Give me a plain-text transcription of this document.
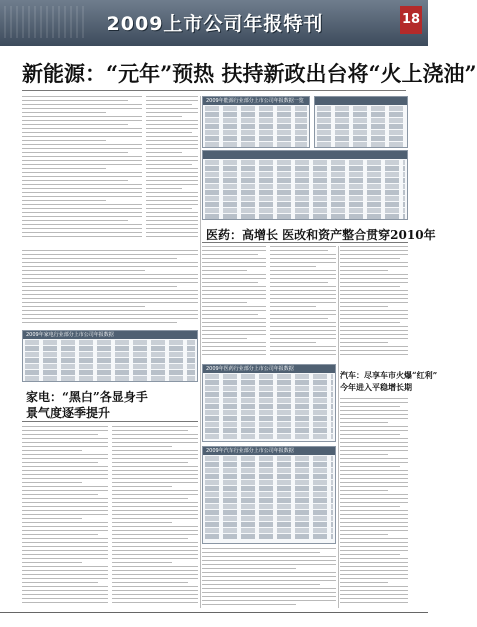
2009上市公司年报特刊	18
新能源：“元年”预热 扶持新政出台将“火上浇油”
2009年能源行业部分上市公司年报数据一览
医药：高增长 医改和资产整合贯穿2010年
2009年家电行业部分上市公司年报数据
家电：“黑白”各显身手
景气度逐季提升
2009年医药行业部分上市公司年报数据
汽车：尽享车市火爆“红利”
今年进入平稳增长期
2009年汽车行业部分上市公司年报数据
